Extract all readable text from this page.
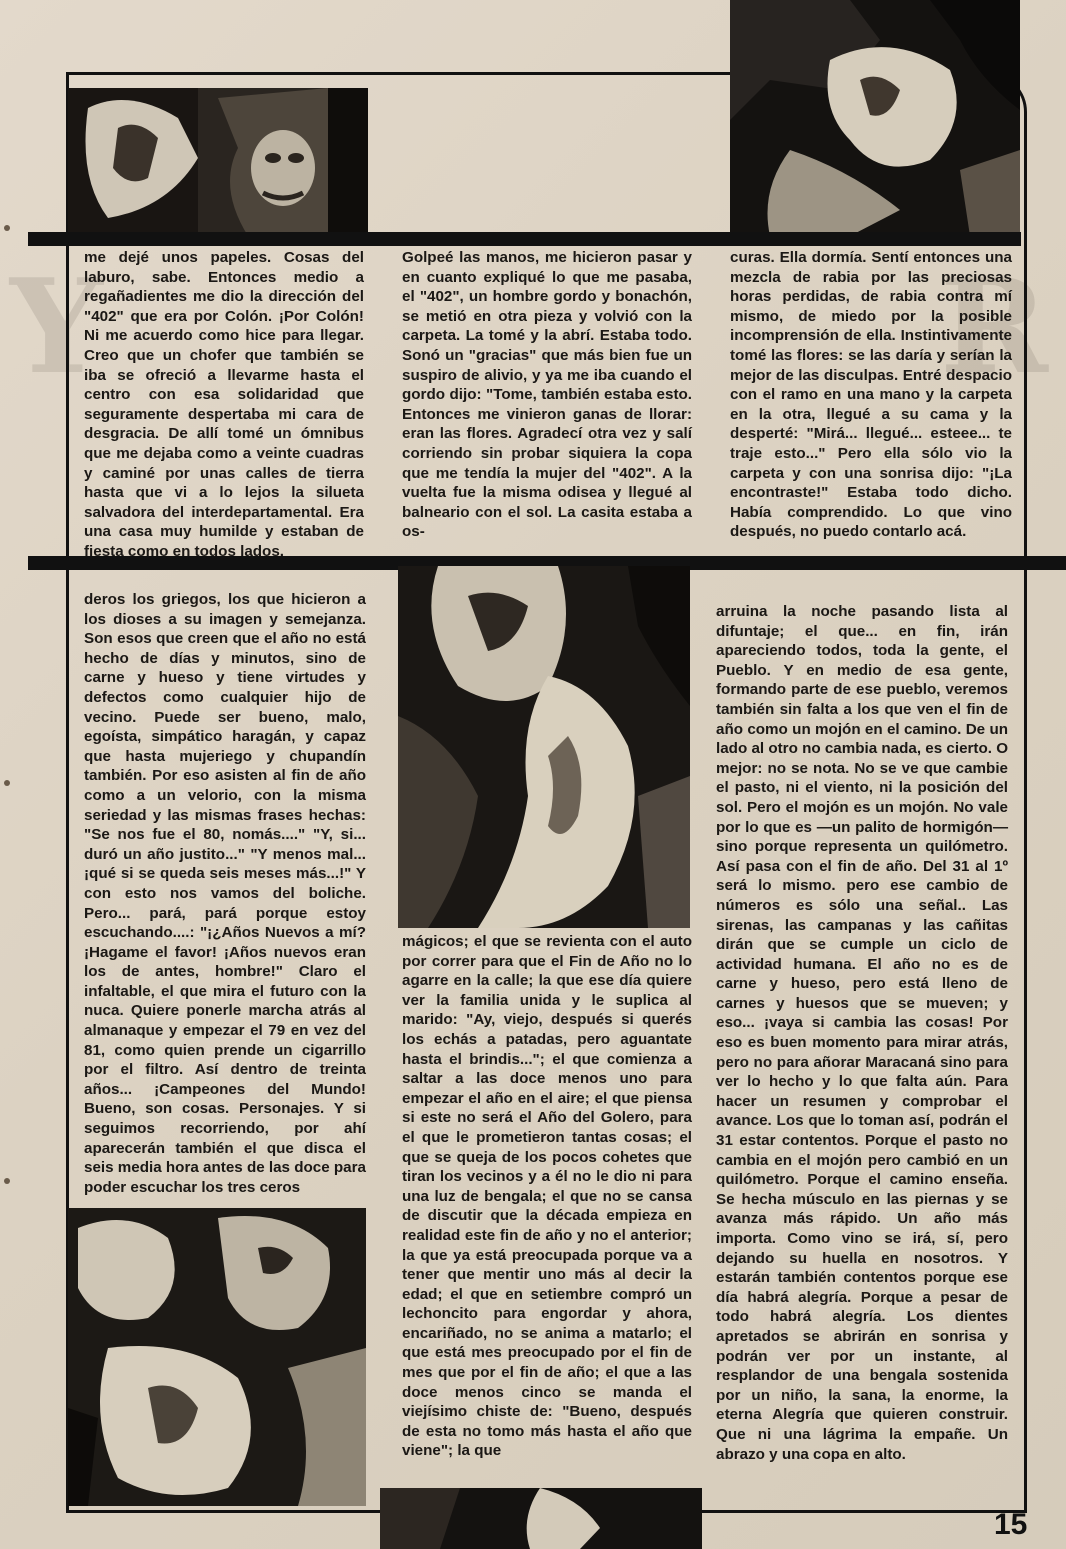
Y	R

me dejé unos papeles. Cosas del laburo, sabe. Entonces medio a regañadientes me dio la dirección del "402" que era por Colón. ¡Por Colón! Ni me acuerdo como hice para llegar. Creo que un chofer que también se iba se ofreció a llevarme hasta el centro con esa solidaridad que seguramente despertaba mi cara de desgracia. De allí tomé un ómnibus que me dejaba como a veinte cuadras y caminé por unas calles de tierra hasta que vi a lo lejos la silueta salvadora del interdepartamental. Era una casa muy humilde y estaban de fiesta como en todos lados.

Golpeé las manos, me hicieron pasar y en cuanto expliqué lo que me pasaba, el "402", un hombre gordo y bonachón, se metió en otra pieza y volvió con la carpeta. La tomé y la abrí. Estaba todo. Sonó un "gracias" que más bien fue un suspiro de alivio, y ya me iba cuando el gordo dijo: "Tome, también estaba esto. Entonces me vinieron ganas de llorar: eran las flores. Agradecí otra vez y salí corriendo sin probar siquiera la copa que me tendía la mujer del "402". A la vuelta fue la misma odisea y llegué al balneario con el sol. La casita estaba a os-

curas. Ella dormía. Sentí entonces una mezcla de rabia por las preciosas horas perdidas, de rabia contra mí mismo, de miedo por la posible incomprensión de ella. Instintivamente tomé las flores: se las daría y serían la mejor de las disculpas. Entré despacio con el ramo en una mano y la carpeta en la otra, llegué a su cama y la desperté: "Mirá... llegué... esteee... te traje esto..." Pero ella sólo vio la carpeta y con una sonrisa dijo: "¡La encontraste!" Estaba todo dicho. Había comprendido. Lo que vino después, no puedo contarlo acá.

deros los griegos, los que hicieron a los dioses a su imagen y semejanza. Son esos que creen que el año no está hecho de días y minutos, sino de carne y hueso y tiene virtudes y defectos como cualquier hijo de vecino. Puede ser bueno, malo, egoísta, simpático haragán, y capaz que hasta mujeriego y chupandín también. Por eso asisten al fin de año como a un velorio, con la misma seriedad y las mismas frases hechas: "Se nos fue el 80, nomás...." "Y, si... duró un año justito..." "Y menos mal... ¡qué si se queda seis meses más...!" Y con esto nos vamos del boliche. Pero... pará, pará porque estoy escuchando....: "¡¿Años Nuevos a mí? ¡Hagame el favor! ¡Años nuevos eran los de antes, hombre!" Claro el infaltable, el que mira el futuro con la nuca. Quiere ponerle marcha atrás al almanaque y empezar el 79 en vez del 81, como quien prende un cigarrillo por el filtro. Así dentro de treinta años... ¡Campeones del Mundo! Bueno, son cosas. Personajes. Y si seguimos recorriendo, por ahí aparecerán también el que disca el seis media hora antes de las doce para poder escuchar los tres ceros

mágicos; el que se revienta con el auto por correr para que el Fin de Año no lo agarre en la calle; la que ese día quiere ver la familia unida y le suplica al marido: "Ay, viejo, después si querés los echás a patadas, pero aguantate hasta el brindis..."; el que comienza a saltar a las doce menos uno para empezar el año en el aire; el que piensa si este no será el Año del Golero, para el que le prometieron tantas cosas; el que se queja de los pocos cohetes que tiran los vecinos y a él no le dio ni para una luz de bengala; el que no se cansa de discutir que la década empieza en realidad este fin de año y no el anterior; la que ya está preocupada porque va a tener que mentir uno más al decir la edad; el que en setiembre compró un lechoncito para engordar y ahora, encariñado, no se anima a matarlo; el que está mes preocupado por el fin de mes que por el fin de año; el que a las doce menos cinco se manda el viejísimo chiste de: "Bueno, después de esta no tomo más hasta el año que viene"; la que

arruina la noche pasando lista al difuntaje; el que... en fin, irán apareciendo todos, toda la gente, el Pueblo. Y en medio de esa gente, formando parte de ese pueblo, veremos también sin falta a los que ven el fin de año como un mojón en el camino. De un lado al otro no cambia nada, es cierto. O mejor: no se nota. No se ve que cambie el pasto, ni el viento, ni la posición del sol. Pero el mojón es un mojón. No vale por lo que es —un palito de hormigón— sino porque representa un quilómetro. Así pasa con el fin de año. Del 31 al 1º será lo mismo. pero ese cambio de números es sólo una señal.. Las sirenas, las campanas y las cañitas dirán que se cumple un ciclo de actividad humana. El año no es de carne y hueso, pero está lleno de carnes y huesos que se mueven; y eso... ¡vaya si cambia las cosas! Por eso es buen momento para mirar atrás, pero no para añorar Maracaná sino para ver lo hecho y lo que falta aún. Para hacer un resumen y comprobar el avance. Los que lo toman así, podrán el 31 estar contentos. Porque el pasto no cambia en el mojón pero cambió en un quilómetro. Porque el camino enseña. Se hecha músculo en las piernas y se avanza más rápido. Un año más importa. Como vino se irá, sí, pero dejando su huella en nosotros. Y estarán también contentos porque ese día habrá alegría. Porque a pesar de todo habrá alegría. Los dientes apretados se abrirán en sonrisa y podrán ver por un instante, al resplandor de una bengala sostenida por un niño, la sana, la enorme, la eterna Alegría que quieren construir. Que ni una lágrima la empañe. Un abrazo y una copa en alto.

15
